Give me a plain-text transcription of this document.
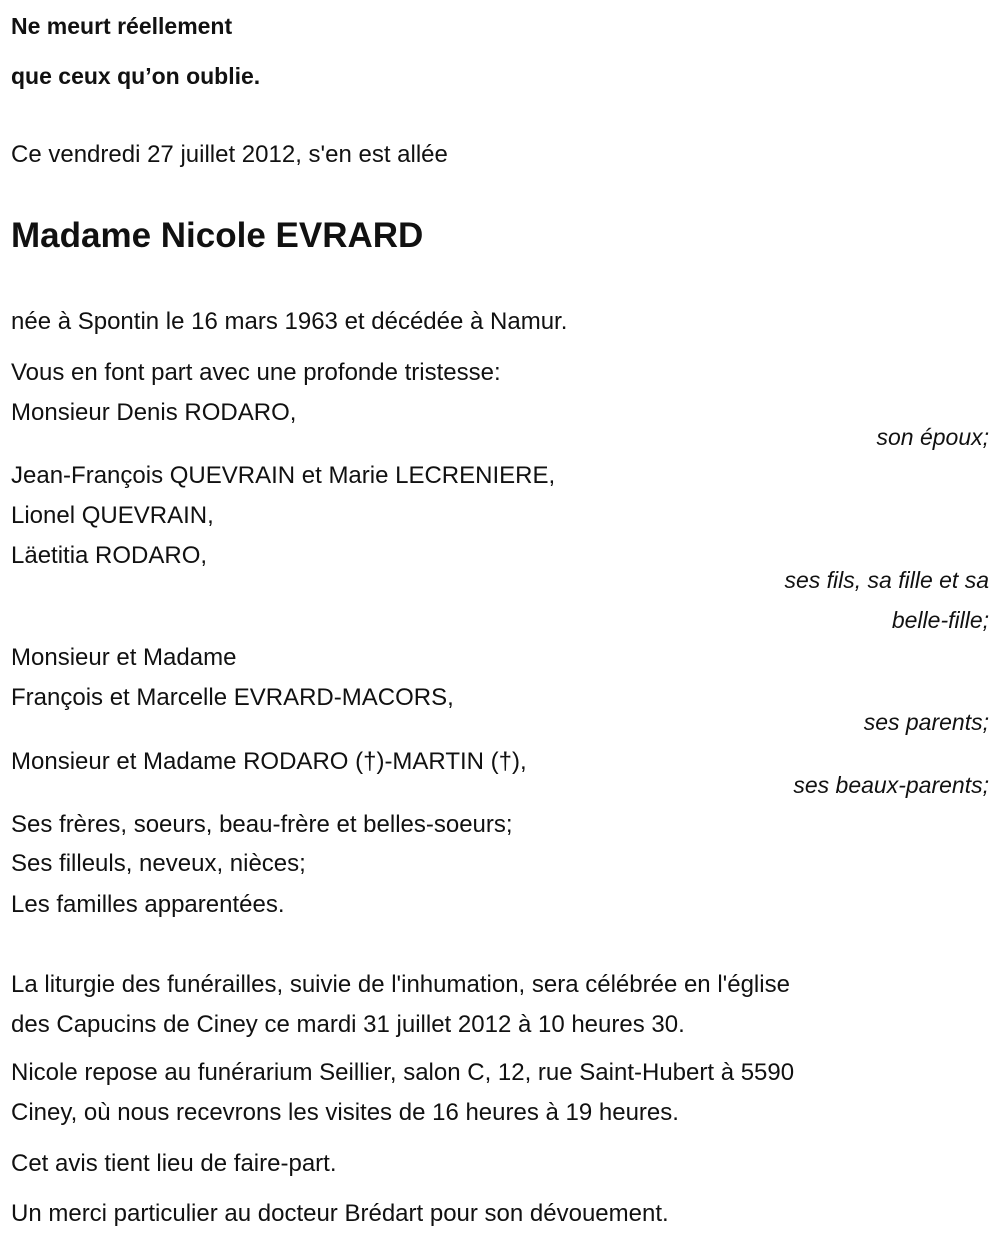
Ne meurt réellement
que ceux qu’on oublie.
Ce vendredi 27 juillet 2012, s'en est allée
Madame Nicole EVRARD
née à Spontin le 16 mars 1963 et décédée à Namur.
Vous en font part avec une profonde tristesse:
Monsieur Denis RODARO,
son époux;
Jean-François QUEVRAIN et Marie LECRENIERE,
Lionel QUEVRAIN,
Läetitia RODARO,
ses fils, sa fille et sa
belle-fille;
Monsieur et Madame
François et Marcelle EVRARD-MACORS,
ses parents;
Monsieur et Madame RODARO (†)-MARTIN (†),
ses beaux-parents;
Ses frères, soeurs, beau-frère et belles-soeurs;
Ses filleuls, neveux, nièces;
Les familles apparentées.
La liturgie des funérailles, suivie de l'inhumation, sera célébrée en l'église
des Capucins de Ciney ce mardi 31 juillet 2012 à 10 heures 30.
Nicole repose au funérarium Seillier, salon C, 12, rue Saint-Hubert à 5590
Ciney, où nous recevrons les visites de 16 heures à 19 heures.
Cet avis tient lieu de faire-part.
Un merci particulier au docteur Brédart pour son dévouement.
